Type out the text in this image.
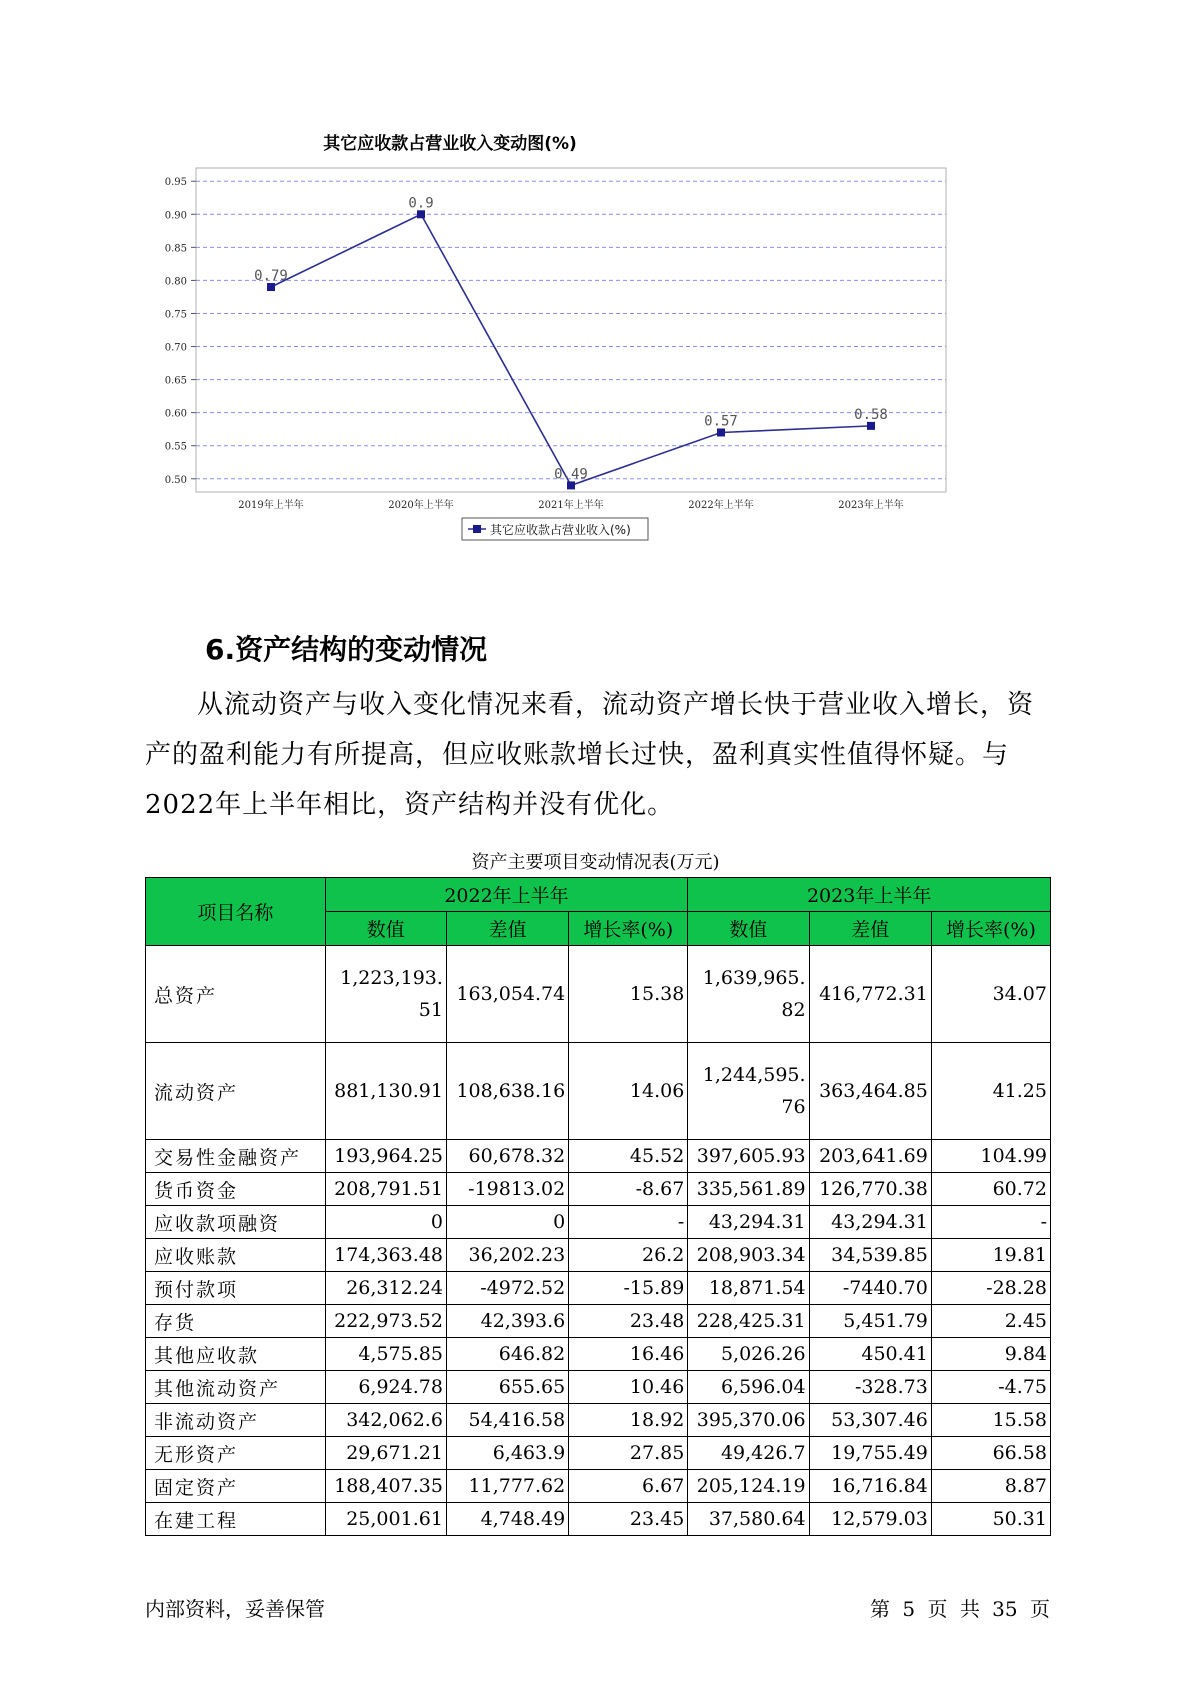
其它应收款占营业收入变动图(%)
0.95
0.90
0.85
0.80
0.75
0.70
0.65
0.60
0.55
0.50
2019年上半年	2020年上半年	2021年上半年	2022年上半年	2023年上半年
0.79
0.9
0.49
0.57	0.58
其它应收款占营业收入(%)
6.资产结构的变动情况

从流动资产与收入变化情况来看，流动资产增长快于营业收入增长，资产的盈利能力有所提高，但应收账款增长过快，盈利真实性值得怀疑。与2022年上半年相比，资产结构并没有优化。

资产主要项目变动情况表(万元)

项目名称	2022年上半年			2023年上半年		
	数值	差值	增长率(%)	数值	差值	增长率(%)
总资产	1,223,193.51	163,054.74	15.38	1,639,965.82	416,772.31	34.07
流动资产	881,130.91	108,638.16	14.06	1,244,595.76	363,464.85	41.25
交易性金融资产	193,964.25	60,678.32	45.52	397,605.93	203,641.69	104.99
货币资金	208,791.51	-19813.02	-8.67	335,561.89	126,770.38	60.72
应收款项融资	0	0	-	43,294.31	43,294.31	-
应收账款	174,363.48	36,202.23	26.2	208,903.34	34,539.85	19.81
预付款项	26,312.24	-4972.52	-15.89	18,871.54	-7440.70	-28.28
存货	222,973.52	42,393.6	23.48	228,425.31	5,451.79	2.45
其他应收款	4,575.85	646.82	16.46	5,026.26	450.41	9.84
其他流动资产	6,924.78	655.65	10.46	6,596.04	-328.73	-4.75
非流动资产	342,062.6	54,416.58	18.92	395,370.06	53,307.46	15.58
无形资产	29,671.21	6,463.9	27.85	49,426.7	19,755.49	66.58
固定资产	188,407.35	11,777.62	6.67	205,124.19	16,716.84	8.87
在建工程	25,001.61	4,748.49	23.45	37,580.64	12,579.03	50.31
内部资料，妥善保管	第 5 页 共 35 页
